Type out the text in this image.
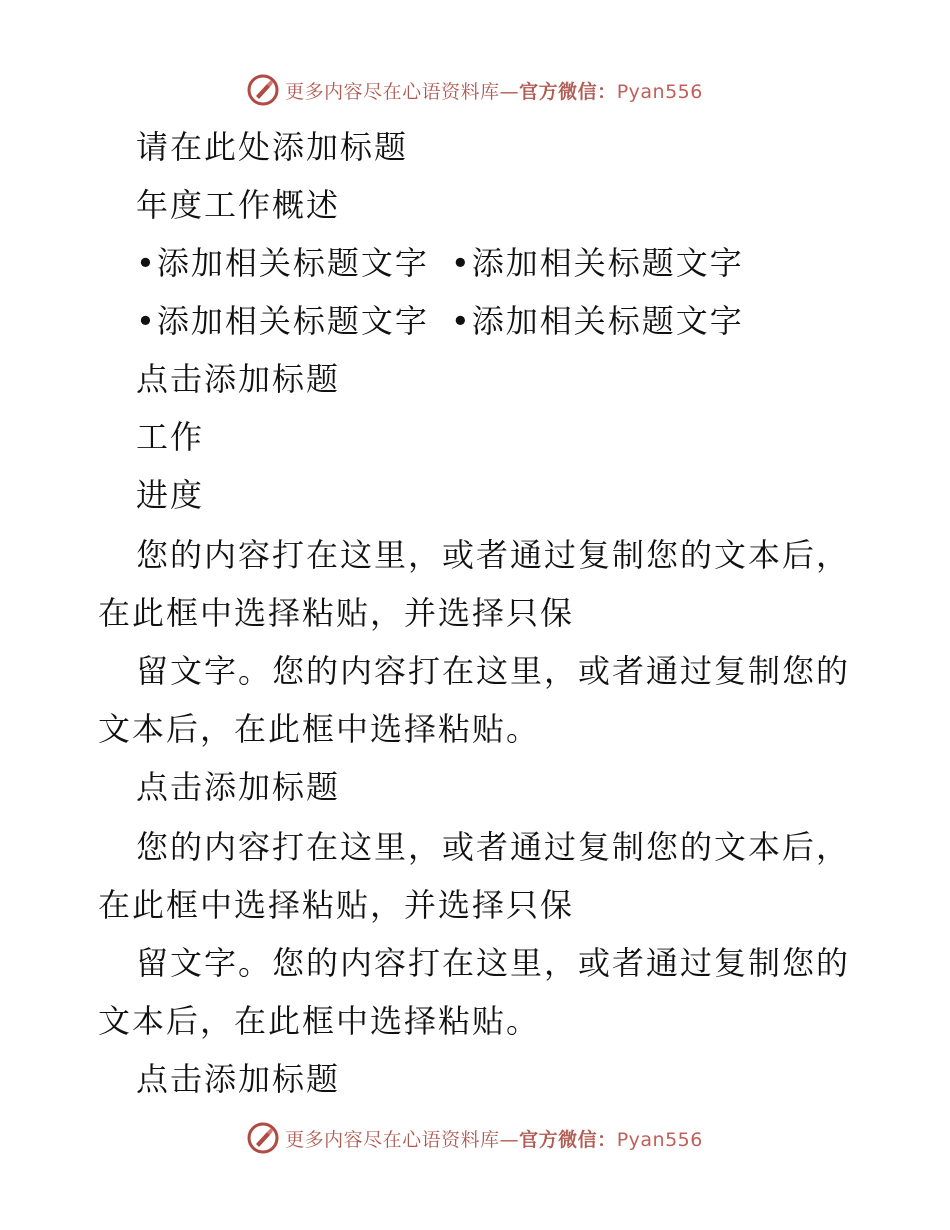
更多内容尽在心语资料库—官方微信：Pyan556
请在此处添加标题
年度工作概述
•添加相关标题文字 •添加相关标题文字
•添加相关标题文字 •添加相关标题文字
点击添加标题
工作
进度
您的内容打在这里，或者通过复制您的文本后，
在此框中选择粘贴，并选择只保
留文字。您的内容打在这里，或者通过复制您的
文本后，在此框中选择粘贴。
点击添加标题
您的内容打在这里，或者通过复制您的文本后，
在此框中选择粘贴，并选择只保
留文字。您的内容打在这里，或者通过复制您的
文本后，在此框中选择粘贴。
点击添加标题
更多内容尽在心语资料库—官方微信：Pyan556
